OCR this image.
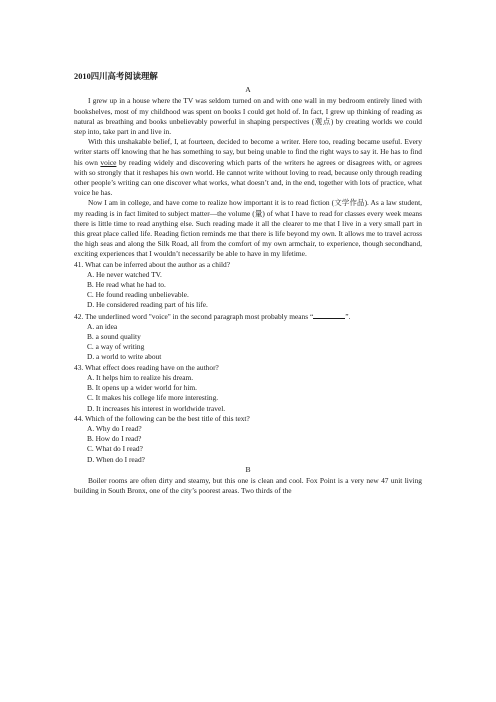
2010四川高考阅读理解
A

I grew up in a house where the TV was seldom turned on and with one wall in my bedroom entirely lined with bookshelves, most of my childhood was spent on books I could get hold of. In fact, I grew up thinking of reading as natural as breathing and books unbelievably powerful in shaping perspectives (观点) by creating worlds we could step into, take part in and live in.

With this unshakable belief, I, at fourteen, decided to become a writer. Here too, reading became useful. Every writer starts off knowing that he has something to say, but being unable to find the right ways to say it. He has to find his own voice by reading widely and discovering which parts of the writers he agrees or disagrees with, or agrees with so strongly that it reshapes his own world. He cannot write without loving to read, because only through reading other people’s writing can one discover what works, what doesn’t and, in the end, together with lots of practice, what voice he has.

Now I am in college, and have come to realize how important it is to read fiction (文学作品). As a law student, my reading is in fact limited to subject matter—the volume (量) of what I have to read for classes every week means there is little time to read anything else. Such reading made it all the clearer to me that I live in a very small part in this great place called life. Reading fiction reminds me that there is life beyond my own. It allows me to travel across the high seas and along the Silk Road, all from the comfort of my own armchair, to experience, though secondhand, exciting experiences that I wouldn’t necessarily be able to have in my lifetime.

41. What can be inferred about the author as a child?
A. He never watched TV.
B. He read what he had to.
C. He found reading unbelievable.
D. He considered reading part of his life.
42. The underlined word "voice" in the second paragraph most probably means “	”.
A. an idea
B. a sound quality
C. a way of writing
D. a world to write about
43. What effect does reading have on the author?
A. It helps him to realize his dream.
B. It opens up a wider world for him.
C. It makes his college life more interesting.
D. It increases his interest in worldwide travel.
44. Which of the following can be the best title of this text?
A. Why do I read?
B. How do I read?
C. What do I read?
D. When do I read?
B

Boiler rooms are often dirty and steamy, but this one is clean and cool. Fox Point is a very new 47 unit living building in South Bronx, one of the city’s poorest areas. Two thirds of the
